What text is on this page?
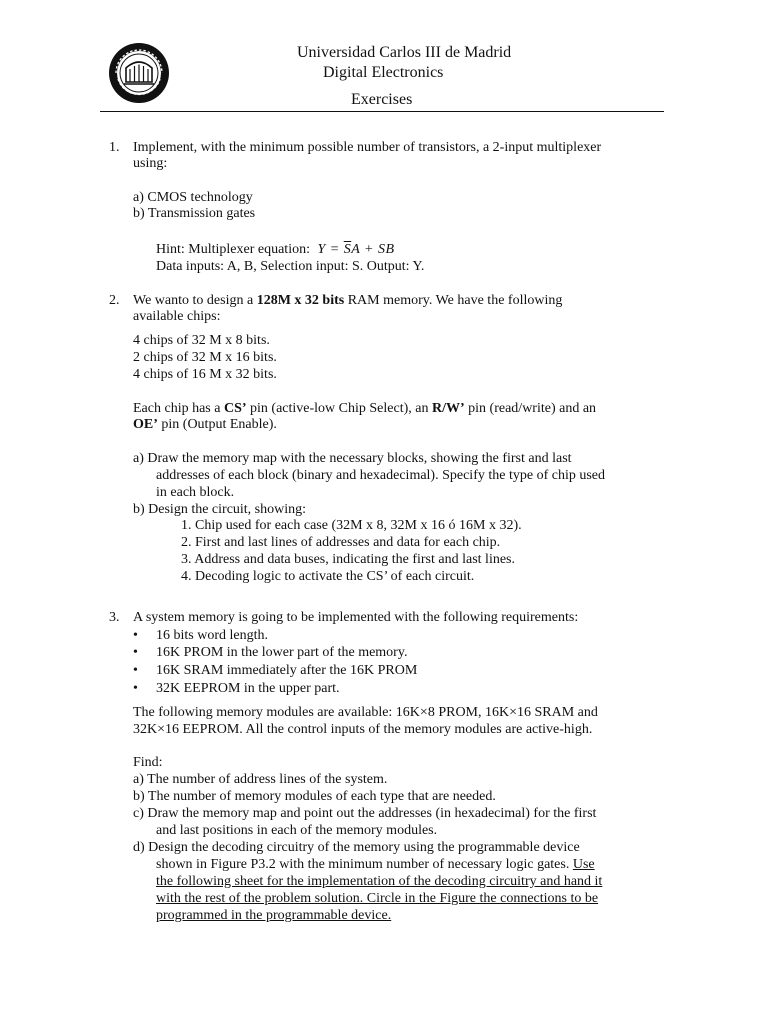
Universidad Carlos III de Madrid
Digital Electronics
Exercises
1. Implement, with the minimum possible number of transistors, a 2-input multiplexer
using:
a) CMOS technology
b) Transmission gates
Hint: Multiplexer equation: $Y = \overline{S}A$ + SB
Data inputs: A, B, Selection input: S. Output: Y.
2. We wanto to design a 128M x 32 bits RAM memory. We have the following
available chips:
4 chips of 32 M x 8 bits.
2 chips of 32 M x 16 bits.
4 chips of 16 M x 32 bits.
Each chip has a CS’ pin (active-low Chip Select), an R/W’ pin (read/write) and an
OE’ pin (Output Enable).
a) Draw the memory map with the necessary blocks, showing the first and last
addresses of each block (binary and hexadecimal). Specify the type of chip used
in each block.
b) Design the circuit, showing:
1. Chip used for each case (32M x 8, 32M x 16 ó 16M x 32).
2. First and last lines of addresses and data for each chip.
3. Address and data buses, indicating the first and last lines.
4. Decoding logic to activate the CS’ of each circuit.
3. A system memory is going to be implemented with the following requirements:
• 16 bits word length.
• 16K PROM in the lower part of the memory.
• 16K SRAM immediately after the 16K PROM
• 32K EEPROM in the upper part.
The following memory modules are available: 16K×8 PROM, 16K×16 SRAM and
32K×16 EEPROM. All the control inputs of the memory modules are active-high.
Find:
a) The number of address lines of the system.
b) The number of memory modules of each type that are needed.
c) Draw the memory map and point out the addresses (in hexadecimal) for the first
and last positions in each of the memory modules.
d) Design the decoding circuitry of the memory using the programmable device
shown in Figure P3.2 with the minimum number of necessary logic gates. Use
the following sheet for the implementation of the decoding circuitry and hand it
with the rest of the problem solution. Circle in the Figure the connections to be
programmed in the programmable device.
